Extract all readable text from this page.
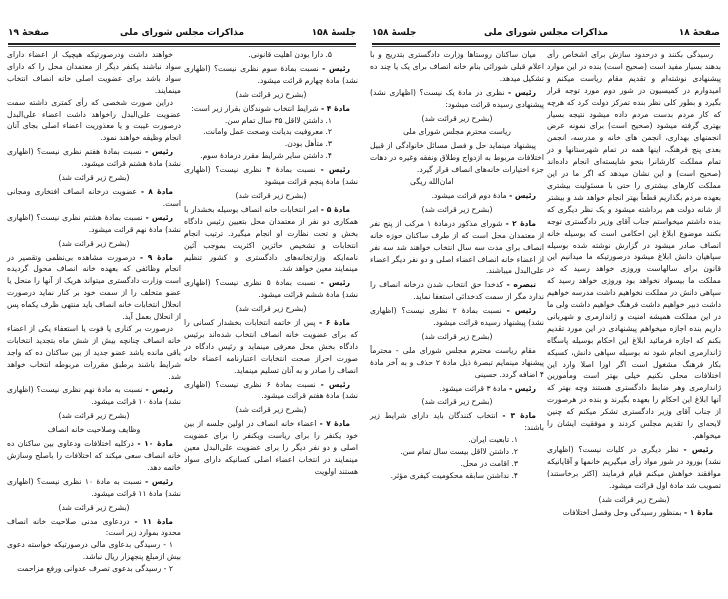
جلسهٔ ۱۵۸
مذاکرات مجلس شورای ملی
صفحهٔ ۱۹
۵. دارا بودن اهلیت قانونی.
رئیس - نسبت بمادهٔ سوم نظری نیست؟ (اظهاری نشد) مادهٔ چهارم قرائت میشود.
(بشرح زیر قرائت شد)
مادهٔ ۴ - شرایط انتخاب شوندگان بقرار زیر است:
۱. داشتن لااقل ۳۵ سال تمام سن.
۲. معروفیت بدیانت وصحت عمل وامانت.
۳. متأهل بودن.
۴. داشتن سایر شرایط مقرر درمادهٔ سوم.
رئیس - نسبت بمادهٔ ۴ نظری نیست؟ (اظهاری نشد) مادهٔ پنجم قرائت میشود
(بشرح زیر قرائت شد)
مادهٔ ۵ - امر انتخابات خانه انصاف بوسیله بخشدار با همکاری دو نفر از معتمدان محل بتعیین رئیس دادگاه بخش و تحت نظارت او انجام میگیرد. ترتیب انجام انتخابات و تشخیص حائزین اکثریت بموجب آئین نامه‌ایکه وزارتخانه‌های دادگستری و کشور تنظیم مینمایند معین خواهد شد.
رئیس - نسبت بمادهٔ ۵ نظری نیست؟ (اظهاری نشد) مادهٔ ششم قرائت میشود.
(بشرح زیر قرائت شد)
مادهٔ ۶ - پس از خاتمه انتخابات بخشدار کسانی را که برای عضویت خانه انصاف انتخاب شده‌اند برئیس دادگاه بخش محل معرفی مینماید و رئیس دادگاه در صورت احراز صحت انتخابات اعتبارنامه اعضاء خانه انصاف را صادر و به آنان تسلیم مینماید.
رئیس - نسبت بمادهٔ ۶ نظری نیست؟ (اظهاری نشد) مادهٔ هفتم قرائت میشود.
(بشرح زیر قرائت شد)
مادهٔ ۷ - اعضاء خانه انصاف در اولین جلسه از بین خود یکنفر را برای ریاست ویکنفر را برای عضویت اصلی و دو نفر دیگر را برای عضویت علی‌البدل معین مینمایند در انتخاب اعضاء اصلی کسانیکه دارای سواد هستند اولویت
خواهند داشت ودرصورتیکه هیچیک از اعضاء دارای سواد نباشند یکنفر دیگر از معتمدان محل را که دارای سواد باشد برای عضویت اصلی خانه انصاف انتخاب مینمایند.
دراین صورت شخصی که رأی کمتری داشته سمت عضویت علی‌البدل راخواهد داشت اعضاء علی‌البدل درصورت غیبت و یا معذوریت اعضاء اصلی بجای آنان انجام وظیفه خواهند نمود.
رئیس - نسبت بمادهٔ هفتم نظری نیست؟ (اظهاری نشد) مادهٔ هشتم قرائت میشود.
(بشرح زیر قرائت شد)
مادهٔ ۸ - عضویت درخانه انصاف افتخاری ومجانی است.
رئیس - نسبت بمادهٔ هشتم نظری نیست؟ (اظهاری نشد) مادهٔ نهم قرائت میشود.
(بشرح زیر قرائت شد)
مادهٔ ۹ - درصورت مشاهده بی‌نظمی وتقصیر در انجام وظائفی که بعهده خانه انصاف محول گردیده است وزارت دادگستری میتواند هریک از آنها را منحل یا عضو متخلف را از سمت خود بر کنار نماید درصورت انحلال انتخابات خانه انصاف باید منتهی ظرف یکماه پس از انحلال بعمل آید.
درصورت بر کناری یا فوت یا استعفاء یکی از اعضاء خانه انصاف چنانچه بیش از شش ماه بتجدید انتخابات باقی مانده باشد عضو جدید از بین ساکنان ده که واجد شرایط باشند برطبق مقررات مربوطه انتخاب خواهد شد.
رئیس - نسبت به مادهٔ نهم نظری نیست؟ (اظهاری نشد) مادهٔ ۱۰ قرائت میشود.
(بشرح زیر قرائت شد)
وظایف وصلاحیت خانه انصاف
مادهٔ ۱۰ - درکلیه اختلافات ودعاوی بین ساکنان ده خانه انصاف سعی میکند که اختلافات را باصلح وسازش خاتمه دهد.
رئیس - نسبت به مادهٔ ۱۰ نظری نیست؟ (اظهاری نشد) مادهٔ ۱۱ قرائت میشود.
(بشرح زیر قرائت شد)
مادهٔ ۱۱ - دردعاوی مدنی صلاحیت خانه انصاف محدود بموارد زیر است:
۱ - رسیدگی بدعاوی مالی درصورتیکه خواسته دعوی بیش ازمبلغ پنجهزار ریال نباشد.
۲ - رسیدگی بدعوی تصرف عدوانی ورفع مزاحمت
صفحهٔ ۱۸
مذاکرات مجلس شورای ملی
جلسهٔ ۱۵۸
رسیدگی بکنند و درحدود سازش برای اشخاص رأی بدهند بسیار مفید است (صحیح است) بنده در این موارد پیشنهادی نوشته‌ام و تقدیم مقام ریاست میکنم و امیدوارم در کمیسیون در شور دوم مورد توجه قرار بگیرد و بطور کلی نظر بنده تمرکز دولت کرد که هرچه که کار مردم بدست مردم داده میشود نتیجه بسیار بهتری گرفته میشود (صحیح است) برای نمونه عرض انجمنهای بهداری، انجمن های خانه و مدرسه، انجمن بعدی پنج فرهنگ، اینها همه در تمام شهرستانها و در تمام مملکت کارشانرا بنحو شایسته‌ای انجام داده‌اند (صحیح است) و این نشان میدهد که اگر ما در این مملکت کارهای بیشتری را حتی با مسئولیت بیشتری بعهده مردم بگذاریم قطعاً بهتر انجام خواهد شد و بیشتر از شانه دولت هم برداشته میشود و یک نظر دیگری که بنده داشتم میخواستم جناب آقای وزیر دادگستری توجه بکنند موضوع ابلاغ این احکامی است که بوسیله خانه انصاف صادر میشود در گزارش نوشته شده بوسیله سپاهیان دانش ابلاغ میشود درصورتیکه ما میدانیم این قانون برای سالهاست وروزی خواهد رسید که در مملکت ما بیسواد نخواهد بود وروزی خواهد رسید که سپاهی دانش در مملکت نخواهیم داشت مدرسه خواهیم داشت دبیر خواهیم داشت فرهنگ خواهیم داشت ولی ما در این مملکت همیشه امنیت و ژاندارمری و شهربانی داریم بنده اجازه میخواهم پیشنهادی در این مورد تقدیم بکنم که اجازه فرمائید ابلاغ این احکام بوسیله پاسگاه ژاندارمری انجام شود نه بوسیله سپاهی دانش، کسیکه بکار فرهنگ مشغول است اگر اورا اصلا وارد این اختلافات محلی نکنیم خیلی بهتر است ومأمورین ژاندارمری وهر ضابط دادگستری هستند وچه بهتر که آنها ابلاغ این احکام را بعهده بگیرند و بنده در هرصورت از جناب آقای وزیر دادگستری تشکر میکنم که چنین لایحه‌ای را تقدیم مجلس کردند و موفقیت ایشان را میخواهم.
رئیس - نظر دیگری در کلیات نیست؟ (اظهاری نشد) بورود در شور مواد رأی میگیریم خانمها و آقایانیکه موافقند خواهش میکنم قیام فرمایند (اکثر برخاستند) تصویب شد مادهٔ اول قرائت میشود.
(بشرح زیر قرائت شد)
مادهٔ ۱ - بمنظور رسیدگی وحل وفصل اختلافات
میان ساکنان روستاها وزارت دادگستری بتدریج و با اعلام قبلی شورائی بنام خانه انصاف برای یک یا چند ده تشکیل میدهد.
رئیس - نظری در مادهٔ یک نیست؟ (اظهاری نشد) پیشنهادی رسیده قرائت میشود:
(بشرح زیر قرائت شد)
ریاست محترم مجلس شورای ملی
پیشنهاد مینماید حل و فصل مسائل خانوادگی از قبیل اختلافات مربوط به ازدواج وطلاق ونفقه وغیره در دهات جزء اختیارات خانه‌های انصاف قرار گیرد.
امان‌الله ریگی
رئیس - مادهٔ دوم قرائت میشود.
(بشرح زیر قرائت شد)
مادهٔ ۲ - شورای مذکور درمادهٔ ۱ مرکب از پنج نفر از معتمدان محل است که از طرف ساکنان حوزه خانه انصاف برای مدت سه سال انتخاب خواهند شد سه نفر از اعضاء خانه انصاف اعضاء اصلی و دو نفر دیگر اعضاء علی‌البدل میباشند.
تبصره - کدخدا حق انتخاب شدن درخانه انصاف را ندارد مگر از سمت کدخدائی استعفا نماید.
رئیس - نسبت بمادهٔ ۲ نظری نیست؟ (اظهاری نشد) پیشنهاد رسیده قرائت میشود.
(بشرح زیر قرائت شد)
مقام ریاست محترم مجلس شورای ملی - محترماً پیشنهاد مینمایم تبصرهٔ ذیل مادهٔ ۲ حذف و به آخر مادهٔ ۴ اضافه گردد. حسینی
رئیس - مادهٔ ۳ قرائت میشود.
(بشرح زیر قرائت شد)
مادهٔ ۳ - انتخاب کنندگان باید دارای شرایط زیر باشند:
۱. تابعیت ایران.
۲. داشتن لااقل بیست سال تمام سن.
۳. اقامت در محل.
۴. نداشتن سابقه محکومیت کیفری مؤثر.
